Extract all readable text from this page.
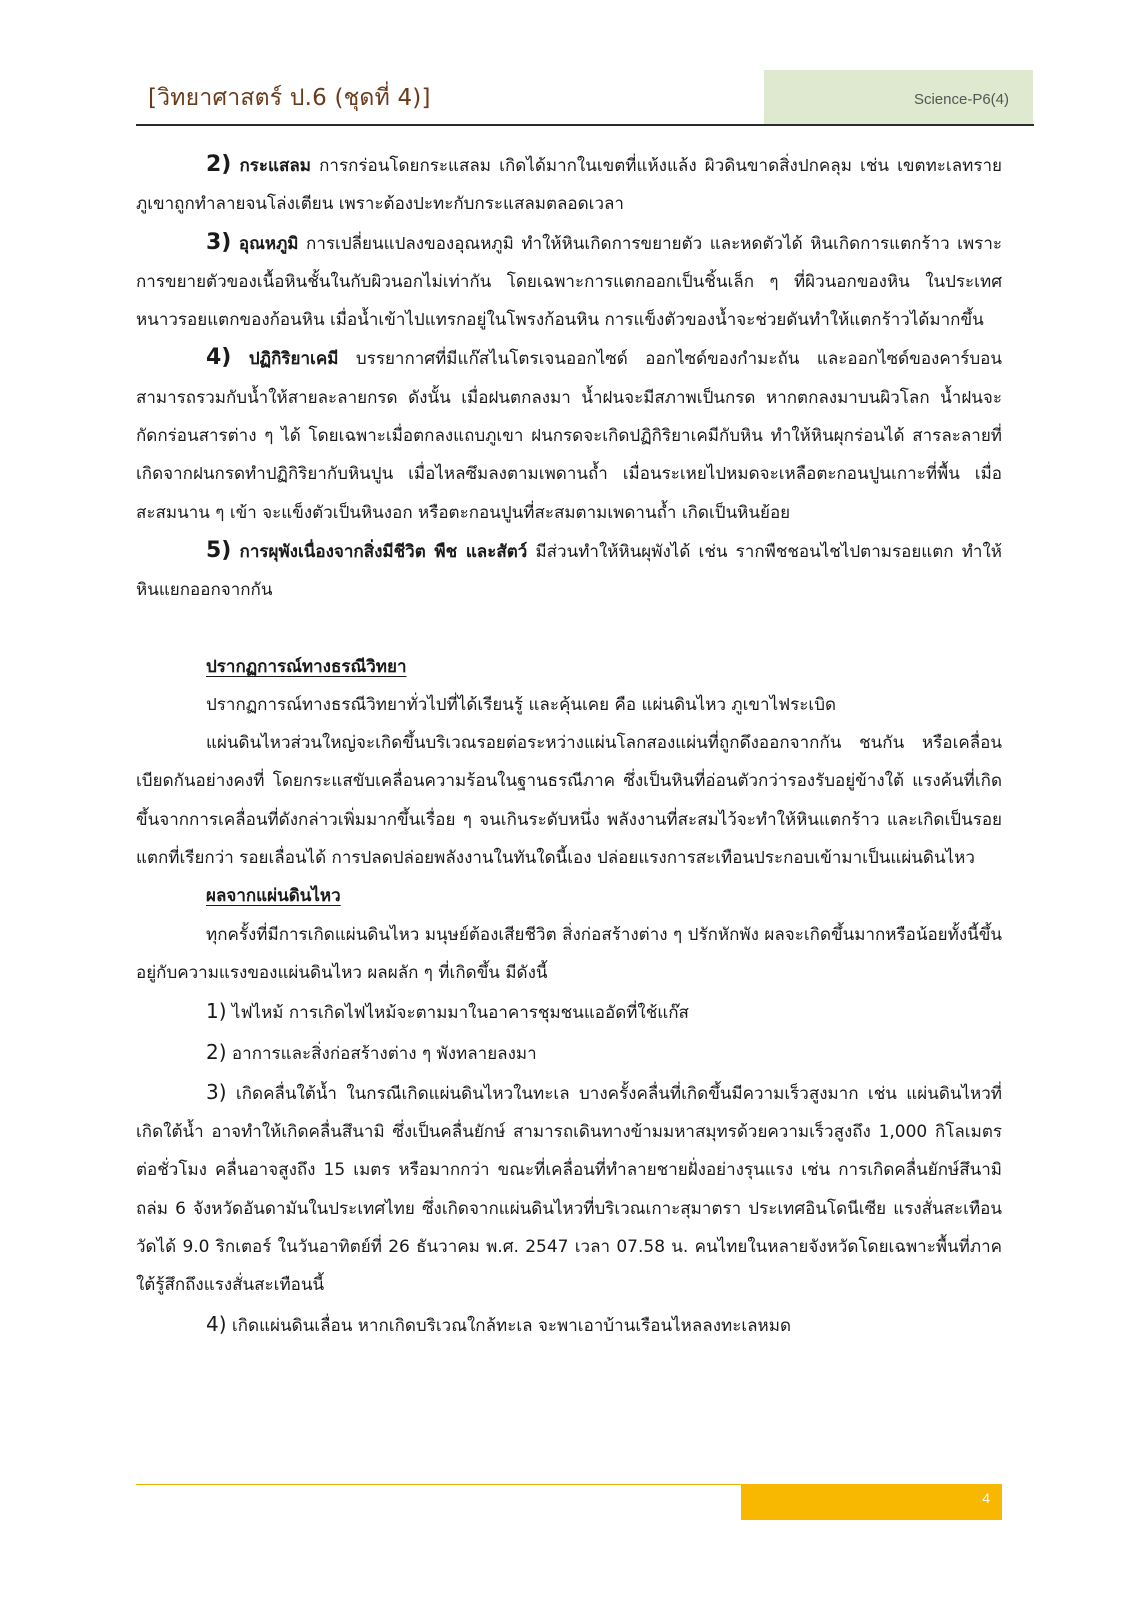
[วิทยาศาสตร์ ป.6 (ชุดที่ 4)]	Science-P6(4)

2) กระแสลม การกร่อนโดยกระแสลม เกิดได้มากในเขตที่แห้งแล้ง ผิวดินขาดสิ่งปกคลุม เช่น เขตทะเลทราย ภูเขาถูกทำลายจนโล่งเตียน เพราะต้องปะทะกับกระแสลมตลอดเวลา

3) อุณหภูมิ การเปลี่ยนแปลงของอุณหภูมิ ทำให้หินเกิดการขยายตัว และหดตัวได้ หินเกิดการแตกร้าว เพราะการขยายตัวของเนื้อหินชั้นในกับผิวนอกไม่เท่ากัน โดยเฉพาะการแตกออกเป็นชิ้นเล็ก ๆ ที่ผิวนอกของหิน ในประเทศหนาวรอยแตกของก้อนหิน เมื่อน้ำเข้าไปแทรกอยู่ในโพรงก้อนหิน การแข็งตัวของน้ำจะช่วยดันทำให้แตกร้าวได้มากขึ้น

4) ปฏิกิริยาเคมี บรรยากาศที่มีแก๊สไนโตรเจนออกไซด์ ออกไซด์ของกำมะถัน และออกไซด์ของคาร์บอน สามารถรวมกับน้ำให้สายละลายกรด ดังนั้น เมื่อฝนตกลงมา น้ำฝนจะมีสภาพเป็นกรด หากตกลงมาบนผิวโลก น้ำฝนจะกัดกร่อนสารต่าง ๆ ได้ โดยเฉพาะเมื่อตกลงแถบภูเขา ฝนกรดจะเกิดปฏิกิริยาเคมีกับหิน ทำให้หินผุกร่อนได้ สารละลายที่เกิดจากฝนกรดทำปฏิกิริยากับหินปูน เมื่อไหลซึมลงตามเพดานถ้ำ เมื่อนระเหยไปหมดจะเหลือตะกอนปูนเกาะที่พื้น เมื่อสะสมนาน ๆ เข้า จะแข็งตัวเป็นหินงอก หรือตะกอนปูนที่สะสมตามเพดานถ้ำ เกิดเป็นหินย้อย

5) การผุพังเนื่องจากสิ่งมีชีวิต พืช และสัตว์ มีส่วนทำให้หินผุพังได้ เช่น รากพืชชอนไชไปตามรอยแตก ทำให้หินแยกออกจากกัน

ปรากฏการณ์ทางธรณีวิทยา

ปรากฏการณ์ทางธรณีวิทยาทั่วไปที่ได้เรียนรู้ และคุ้นเคย คือ แผ่นดินไหว ภูเขาไฟระเบิด

แผ่นดินไหวส่วนใหญ่จะเกิดขึ้นบริเวณรอยต่อระหว่างแผ่นโลกสองแผ่นที่ถูกดึงออกจากกัน ชนกัน หรือเคลื่อนเบียดกันอย่างคงที่ โดยกระแสขับเคลื่อนความร้อนในฐานธรณีภาค ซึ่งเป็นหินที่อ่อนตัวกว่ารองรับอยู่ข้างใต้ แรงค้นที่เกิดขึ้นจากการเคลื่อนที่ดังกล่าวเพิ่มมากขึ้นเรื่อย ๆ จนเกินระดับหนึ่ง พลังงานที่สะสมไว้จะทำให้หินแตกร้าว และเกิดเป็นรอยแตกที่เรียกว่า รอยเลื่อนได้ การปลดปล่อยพลังงานในทันใดนี้เอง ปล่อยแรงการสะเทือนประกอบเข้ามาเป็นแผ่นดินไหว

ผลจากแผ่นดินไหว

ทุกครั้งที่มีการเกิดแผ่นดินไหว มนุษย์ต้องเสียชีวิต สิ่งก่อสร้างต่าง ๆ ปรักหักพัง ผลจะเกิดขึ้นมากหรือน้อยทั้งนี้ขึ้นอยู่กับความแรงของแผ่นดินไหว ผลผลัก ๆ ที่เกิดขึ้น มีดังนี้

1) ไฟไหม้ การเกิดไฟไหม้จะตามมาในอาคารชุมชนแออัดที่ใช้แก๊ส

2) อาการและสิ่งก่อสร้างต่าง ๆ พังทลายลงมา

3) เกิดคลื่นใต้น้ำ ในกรณีเกิดแผ่นดินไหวในทะเล บางครั้งคลื่นที่เกิดขึ้นมีความเร็วสูงมาก เช่น แผ่นดินไหวที่เกิดใต้น้ำ อาจทำให้เกิดคลื่นสึนามิ ซึ่งเป็นคลื่นยักษ์ สามารถเดินทางข้ามมหาสมุทรด้วยความเร็วสูงถึง 1,000 กิโลเมตรต่อชั่วโมง คลื่นอาจสูงถึง 15 เมตร หรือมากกว่า ขณะที่เคลื่อนที่ทำลายชายฝั่งอย่างรุนแรง เช่น การเกิดคลื่นยักษ์สึนามิถล่ม 6 จังหวัดอันดามันในประเทศไทย ซึ่งเกิดจากแผ่นดินไหวที่บริเวณเกาะสุมาตรา ประเทศอินโดนีเซีย แรงสั่นสะเทือนวัดได้ 9.0 ริกเตอร์ ในวันอาทิตย์ที่ 26 ธันวาคม พ.ศ. 2547 เวลา 07.58 น. คนไทยในหลายจังหวัดโดยเฉพาะพื้นที่ภาคใต้รู้สึกถึงแรงสั่นสะเทือนนี้

4) เกิดแผ่นดินเลื่อน หากเกิดบริเวณใกล้ทะเล จะพาเอาบ้านเรือนไหลลงทะเลหมด

4
